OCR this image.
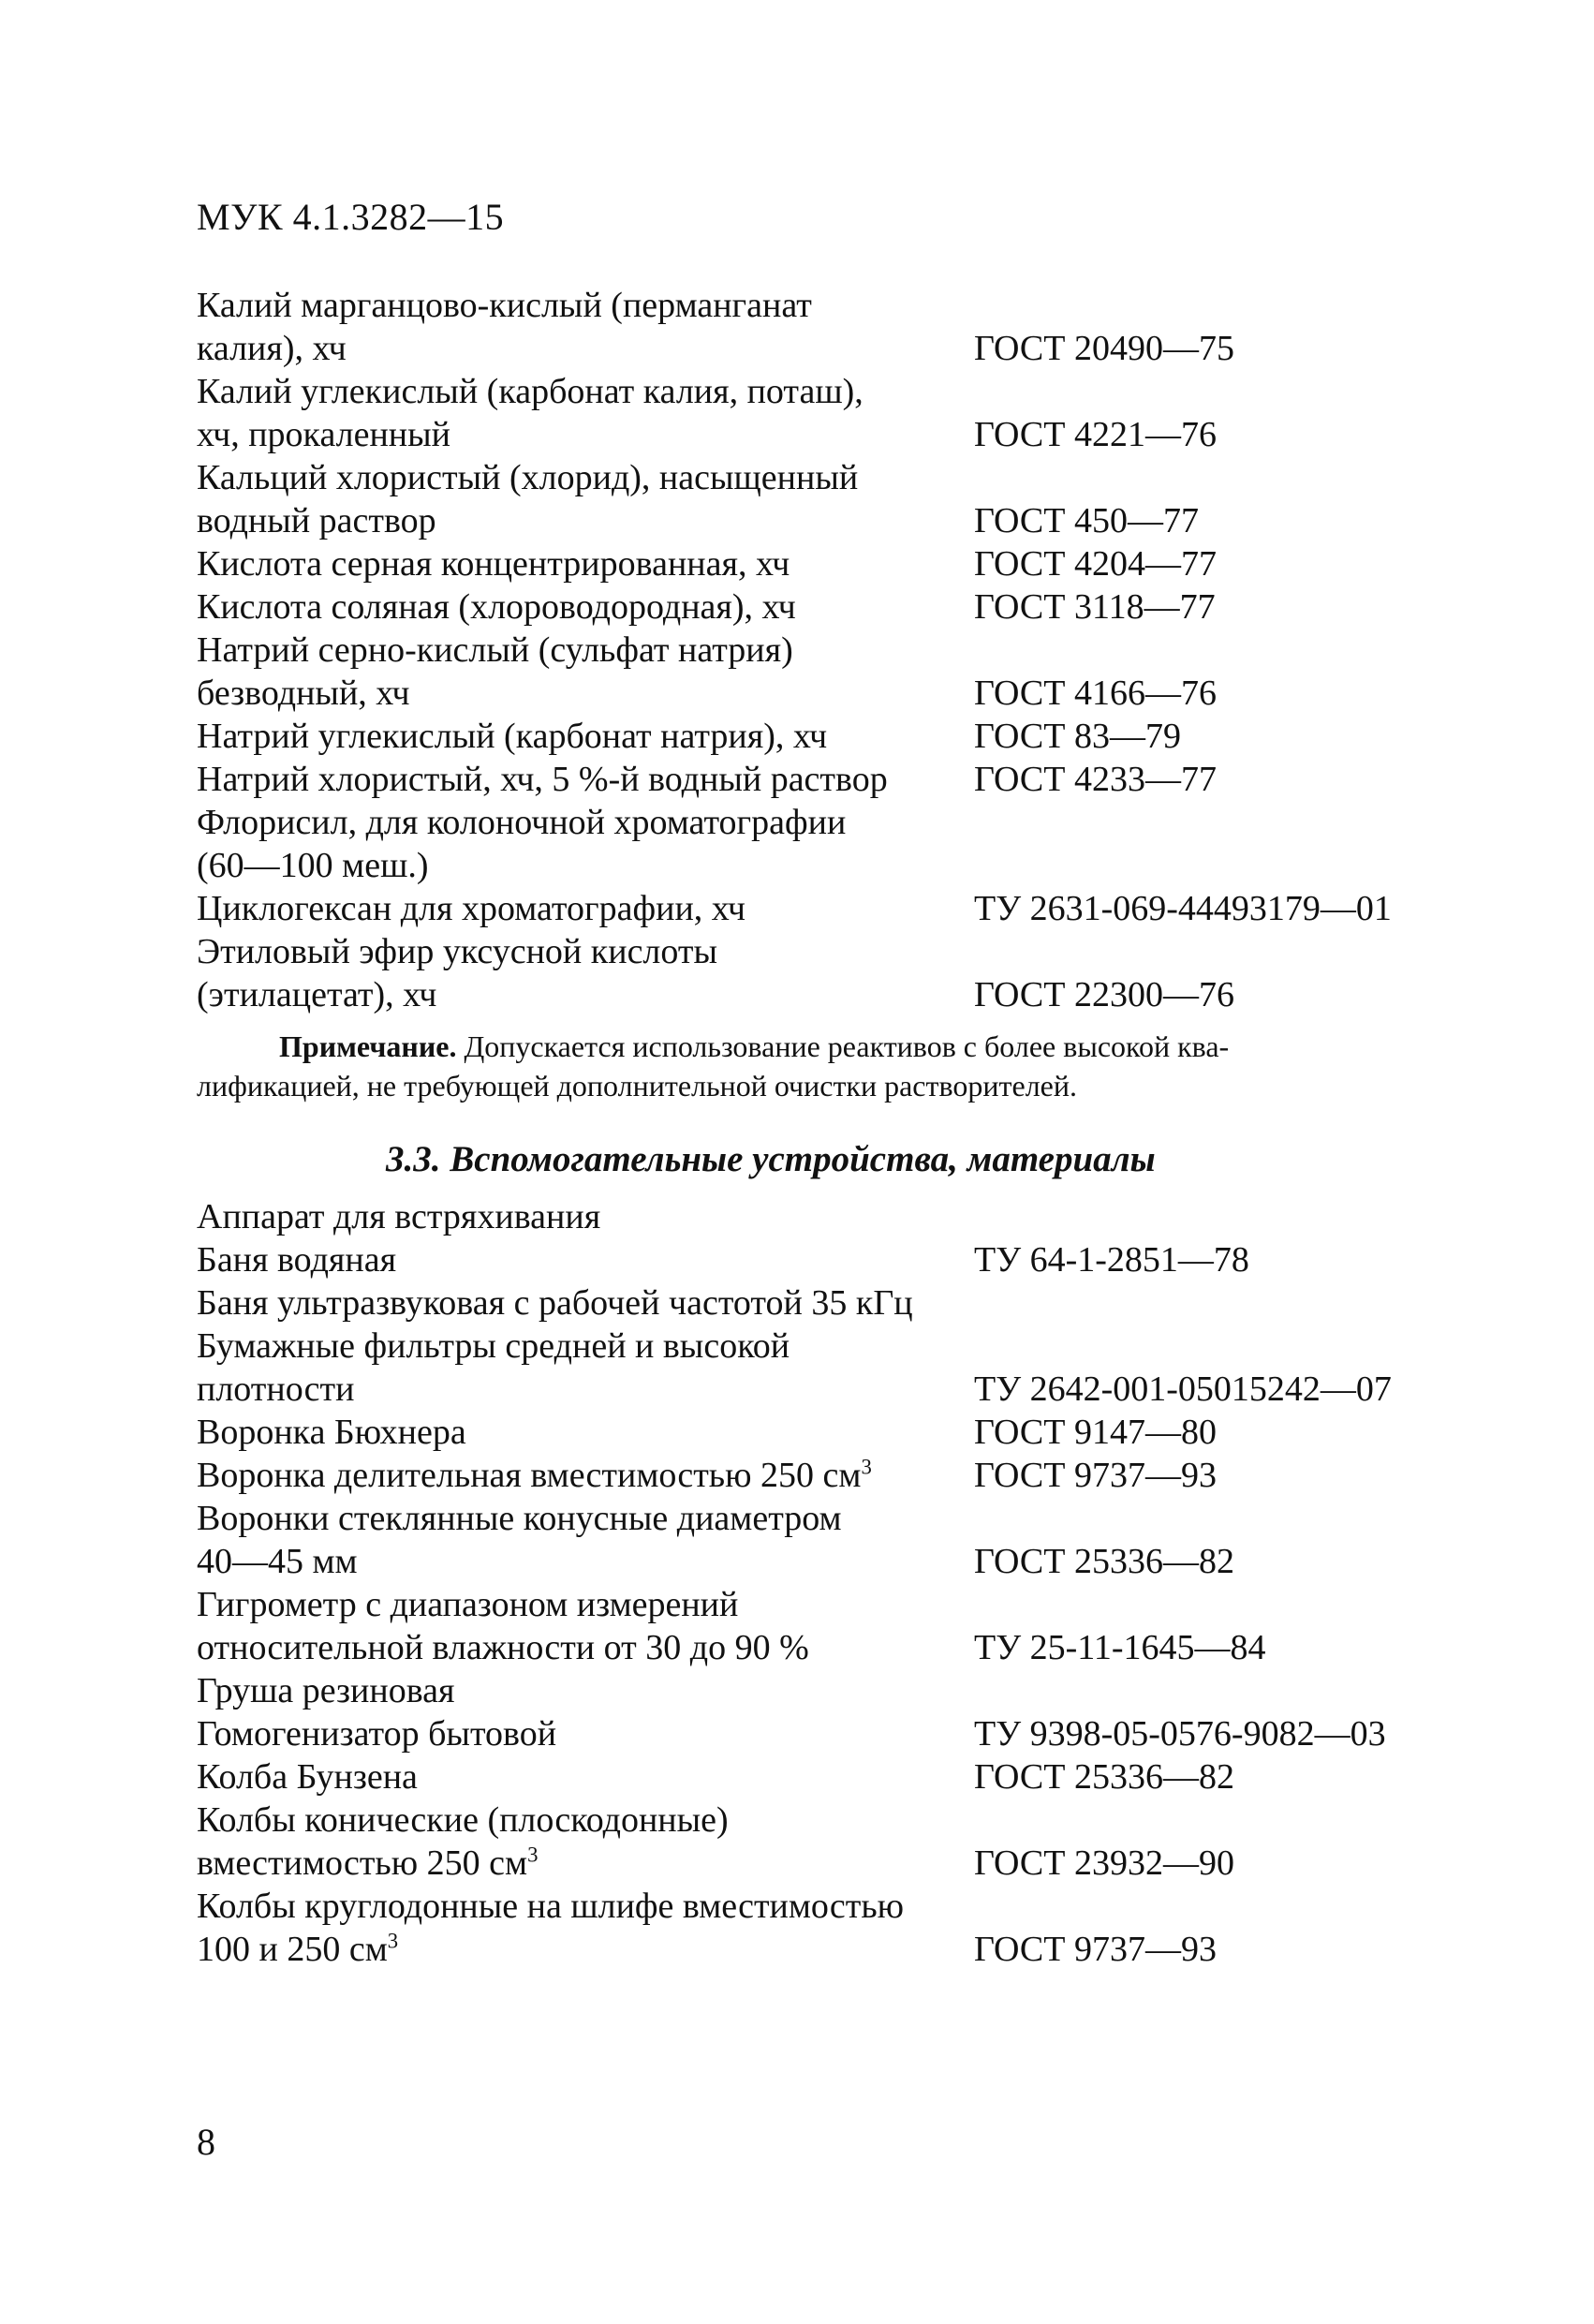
МУК 4.1.3282—15
Калий марганцово-кислый (перманганат
калия), хч	ГОСТ 20490—75
Калий углекислый (карбонат калия, поташ),
хч, прокаленный	ГОСТ 4221—76
Кальций хлористый (хлорид), насыщенный
водный раствор	ГОСТ 450—77
Кислота серная концентрированная, хч	ГОСТ 4204—77
Кислота соляная (хлороводородная), хч	ГОСТ 3118—77
Натрий серно-кислый (сульфат натрия)
безводный, хч	ГОСТ 4166—76
Натрий углекислый (карбонат натрия), хч	ГОСТ 83—79
Натрий хлористый, хч, 5 %-й водный раствор ГОСТ 4233—77
Флорисил, для колоночной хроматографии
(60—100 меш.)
Циклогексан для хроматографии, хч	ТУ 2631-069-44493179—01
Этиловый эфир уксусной кислоты
(этилацетат), хч	ГОСТ 22300—76
Примечание. Допускается использование реактивов с более высокой ква-
лификацией, не требующей дополнительной очистки растворителей.
3.3. Вспомогательные устройства, материалы
Аппарат для встряхивания
Баня водяная	ТУ 64-1-2851—78
Баня ультразвуковая с рабочей частотой 35 кГц
Бумажные фильтры средней и высокой
плотности	ТУ 2642-001-05015242—07
Воронка Бюхнера	ГОСТ 9147—80
Воронка делительная вместимостью 250 $см^3$	ГОСТ 9737—93
Воронки стеклянные конусные диаметром
40—45 мм	ГОСТ 25336—82
Гигрометр с диапазоном измерений
относительной влажности от 30 до 90 %	ТУ 25-11-1645—84
Груша резиновая
Гомогенизатор бытовой	ТУ 9398-05-0576-9082—03
Колба Бунзена	ГОСТ 25336—82
Колбы конические (плоскодонные)
вместимостью 250 $см^3$	ГОСТ 23932—90
Колбы круглодонные на шлифе вместимостью
100 и 250 $см^3$	ГОСТ 9737—93
8
